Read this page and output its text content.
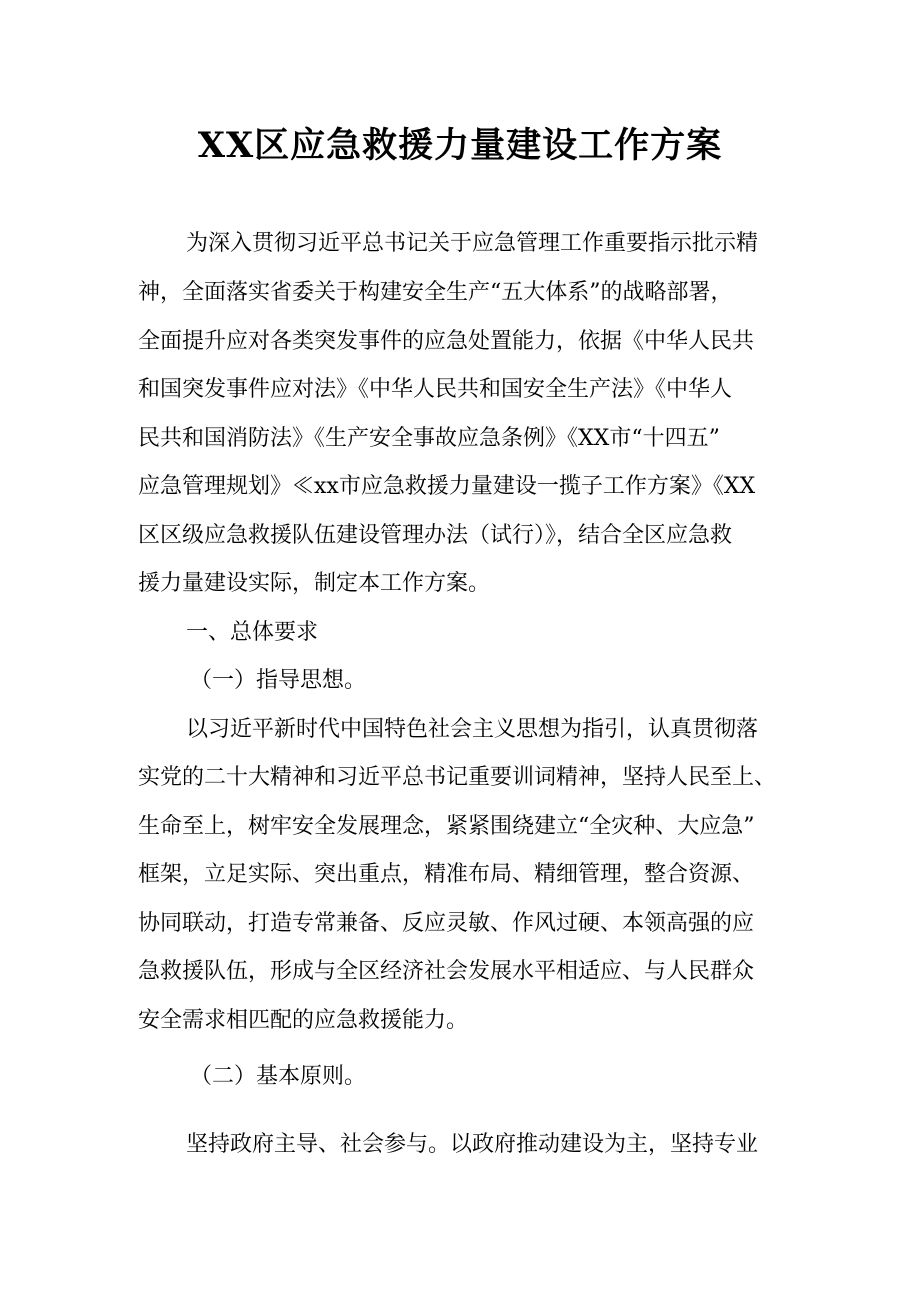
XX区应急救援力量建设工作方案

为深入贯彻习近平总书记关于应急管理工作重要指示批示精

神，全面落实省委关于构建安全生产“五大体系”的战略部署，

全面提升应对各类突发事件的应急处置能力，依据《中华人民共

和国突发事件应对法》《中华人民共和国安全生产法》《中华人

民共和国消防法》《生产安全事故应急条例》《XX市“十四五”

应急管理规划》≪xx市应急救援力量建设一揽子工作方案》《XX

区区级应急救援队伍建设管理办法（试行）》，结合全区应急救

援力量建设实际，制定本工作方案。

一、总体要求

（一）指导思想。

以习近平新时代中国特色社会主义思想为指引，认真贯彻落

实党的二十大精神和习近平总书记重要训词精神，坚持人民至上、

生命至上，树牢安全发展理念，紧紧围绕建立“全灾种、大应急”

框架，立足实际、突出重点，精准布局、精细管理，整合资源、

协同联动，打造专常兼备、反应灵敏、作风过硬、本领高强的应

急救援队伍，形成与全区经济社会发展水平相适应、与人民群众

安全需求相匹配的应急救援能力。

（二）基本原则。

坚持政府主导、社会参与。以政府推动建设为主，坚持专业
